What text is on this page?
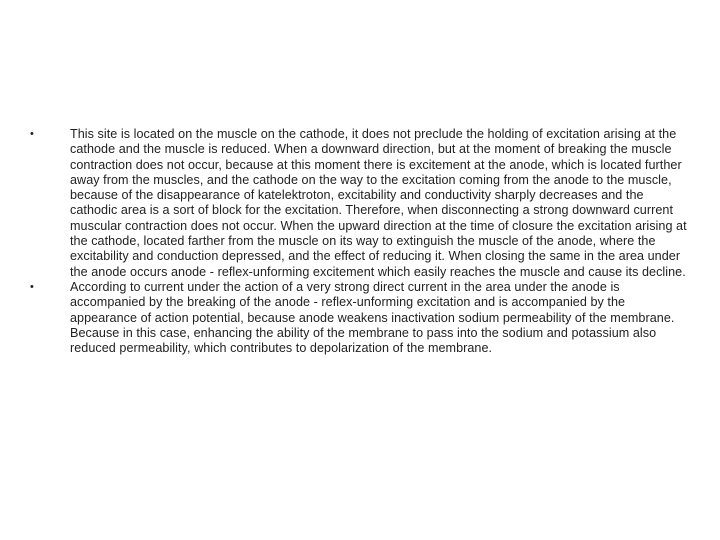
•	This site is located on the muscle on the cathode, it does not preclude the holding of excitation arising at the cathode and the muscle is reduced. When a downward direction, but at the moment of breaking the muscle contraction does not occur, because at this moment there is excitement at the anode, which is located further away from the muscles, and the cathode on the way to the excitation coming from the anode to the muscle, because of the disappearance of katelektroton, excitability and conductivity sharply decreases and the cathodic area is a sort of block for the excitation. Therefore, when disconnecting a strong downward current muscular contraction does not occur. When the upward direction at the time of closure the excitation arising at the cathode, located farther from the muscle on its way to extinguish the muscle of the anode, where the excitability and conduction depressed, and the effect of reducing it. When closing the same in the area under the anode occurs anode - reflex-unforming excitement which easily reaches the muscle and cause its decline.
•	According to current under the action of a very strong direct current in the area under the anode is accompanied by the breaking of the anode - reflex-unforming excitation and is accompanied by the appearance of action potential, because anode weakens inactivation sodium permeability of the membrane. Because in this case, enhancing the ability of the membrane to pass into the sodium and potassium also reduced permeability, which contributes to depolarization of the membrane.
